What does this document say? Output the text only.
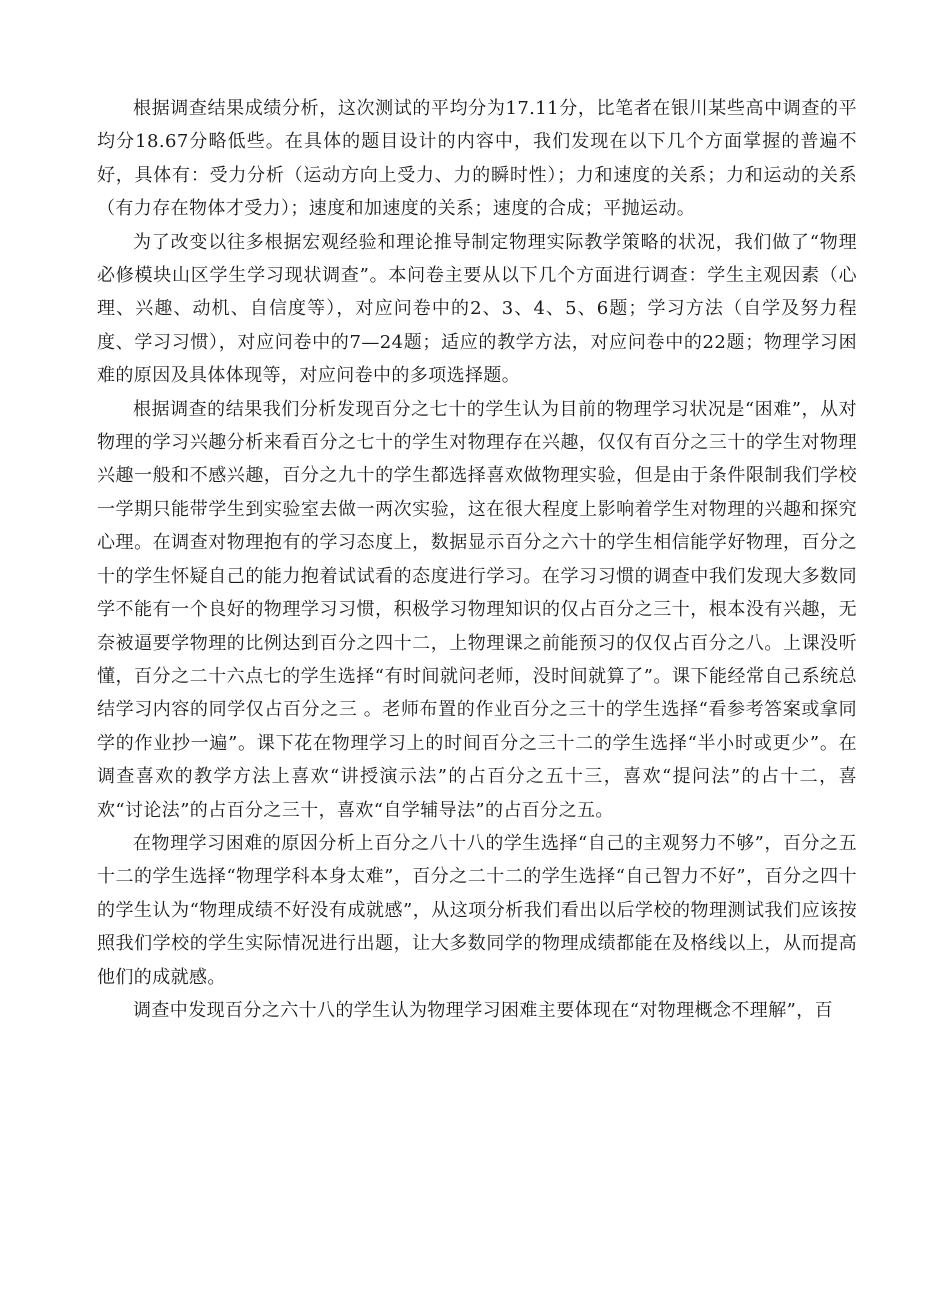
根据调查结果成绩分析，这次测试的平均分为17.11分，比笔者在银川某些高中调查的平均分18.67分略低些。在具体的题目设计的内容中，我们发现在以下几个方面掌握的普遍不好，具体有：受力分析（运动方向上受力、力的瞬时性）；力和速度的关系；力和运动的关系（有力存在物体才受力）；速度和加速度的关系；速度的合成；平抛运动。

为了改变以往多根据宏观经验和理论推导制定物理实际教学策略的状况，我们做了“物理必修模块山区学生学习现状调查”。本问卷主要从以下几个方面进行调查：学生主观因素（心理、兴趣、动机、自信度等），对应问卷中的2、3、4、5、6题；学习方法（自学及努力程度、学习习惯），对应问卷中的7—24题；适应的教学方法，对应问卷中的22题；物理学习困难的原因及具体体现等，对应问卷中的多项选择题。

根据调查的结果我们分析发现百分之七十的学生认为目前的物理学习状况是“困难”，从对物理的学习兴趣分析来看百分之七十的学生对物理存在兴趣，仅仅有百分之三十的学生对物理兴趣一般和不感兴趣，百分之九十的学生都选择喜欢做物理实验，但是由于条件限制我们学校一学期只能带学生到实验室去做一两次实验，这在很大程度上影响着学生对物理的兴趣和探究心理。在调查对物理抱有的学习态度上，数据显示百分之六十的学生相信能学好物理，百分之十的学生怀疑自己的能力抱着试试看的态度进行学习。在学习习惯的调查中我们发现大多数同学不能有一个良好的物理学习习惯，积极学习物理知识的仅占百分之三十，根本没有兴趣，无奈被逼要学物理的比例达到百分之四十二，上物理课之前能预习的仅仅占百分之八。上课没听懂，百分之二十六点七的学生选择“有时间就问老师，没时间就算了”。课下能经常自己系统总结学习内容的同学仅占百分之三 。老师布置的作业百分之三十的学生选择“看参考答案或拿同学的作业抄一遍”。课下花在物理学习上的时间百分之三十二的学生选择“半小时或更少”。在调查喜欢的教学方法上喜欢“讲授演示法”的占百分之五十三，喜欢“提问法”的占十二，喜欢“讨论法”的占百分之三十，喜欢“自学辅导法”的占百分之五。

在物理学习困难的原因分析上百分之八十八的学生选择“自己的主观努力不够”，百分之五十二的学生选择“物理学科本身太难”，百分之二十二的学生选择“自己智力不好”，百分之四十的学生认为“物理成绩不好没有成就感”，从这项分析我们看出以后学校的物理测试我们应该按照我们学校的学生实际情况进行出题，让大多数同学的物理成绩都能在及格线以上，从而提高他们的成就感。

调查中发现百分之六十八的学生认为物理学习困难主要体现在“对物理概念不理解”，百
